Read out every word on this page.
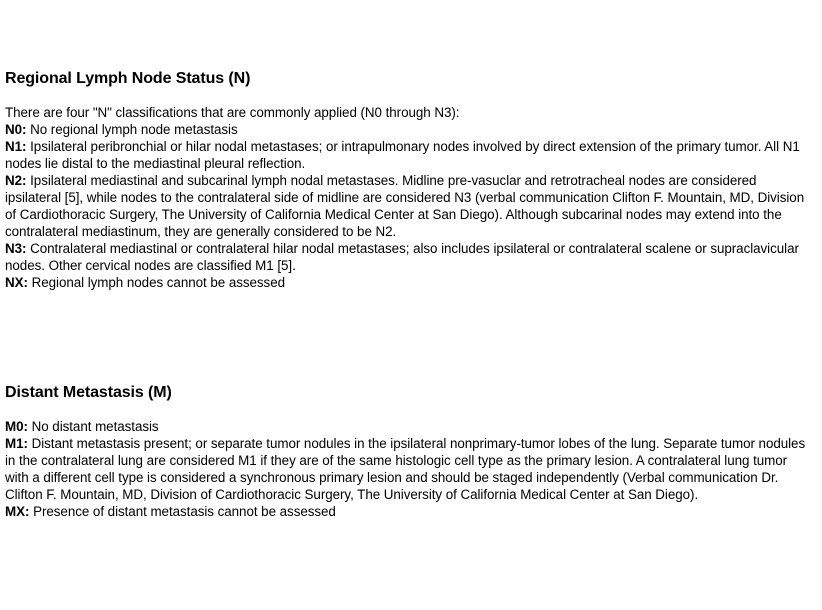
Regional Lymph Node Status (N)

There are four "N" classifications that are commonly applied (N0 through N3):

N0: No regional lymph node metastasis

N1: Ipsilateral peribronchial or hilar nodal metastases; or intrapulmonary nodes involved by direct extension of the primary tumor. All N1 nodes lie distal to the mediastinal pleural reflection.

N2: Ipsilateral mediastinal and subcarinal lymph nodal metastases. Midline pre-vasuclar and retrotracheal nodes are considered ipsilateral [5], while nodes to the contralateral side of midline are considered N3 (verbal communication Clifton F. Mountain, MD, Division of Cardiothoracic Surgery, The University of California Medical Center at San Diego). Although subcarinal nodes may extend into the contralateral mediastinum, they are generally considered to be N2.

N3: Contralateral mediastinal or contralateral hilar nodal metastases; also includes ipsilateral or contralateral scalene or supraclavicular nodes. Other cervical nodes are classified M1 [5].

NX: Regional lymph nodes cannot be assessed

Distant Metastasis (M)

M0: No distant metastasis

M1: Distant metastasis present; or separate tumor nodules in the ipsilateral nonprimary-tumor lobes of the lung. Separate tumor nodules in the contralateral lung are considered M1 if they are of the same histologic cell type as the primary lesion. A contralateral lung tumor with a different cell type is considered a synchronous primary lesion and should be staged independently (Verbal communication Dr. Clifton F. Mountain, MD, Division of Cardiothoracic Surgery, The University of California Medical Center at San Diego).

MX: Presence of distant metastasis cannot be assessed
